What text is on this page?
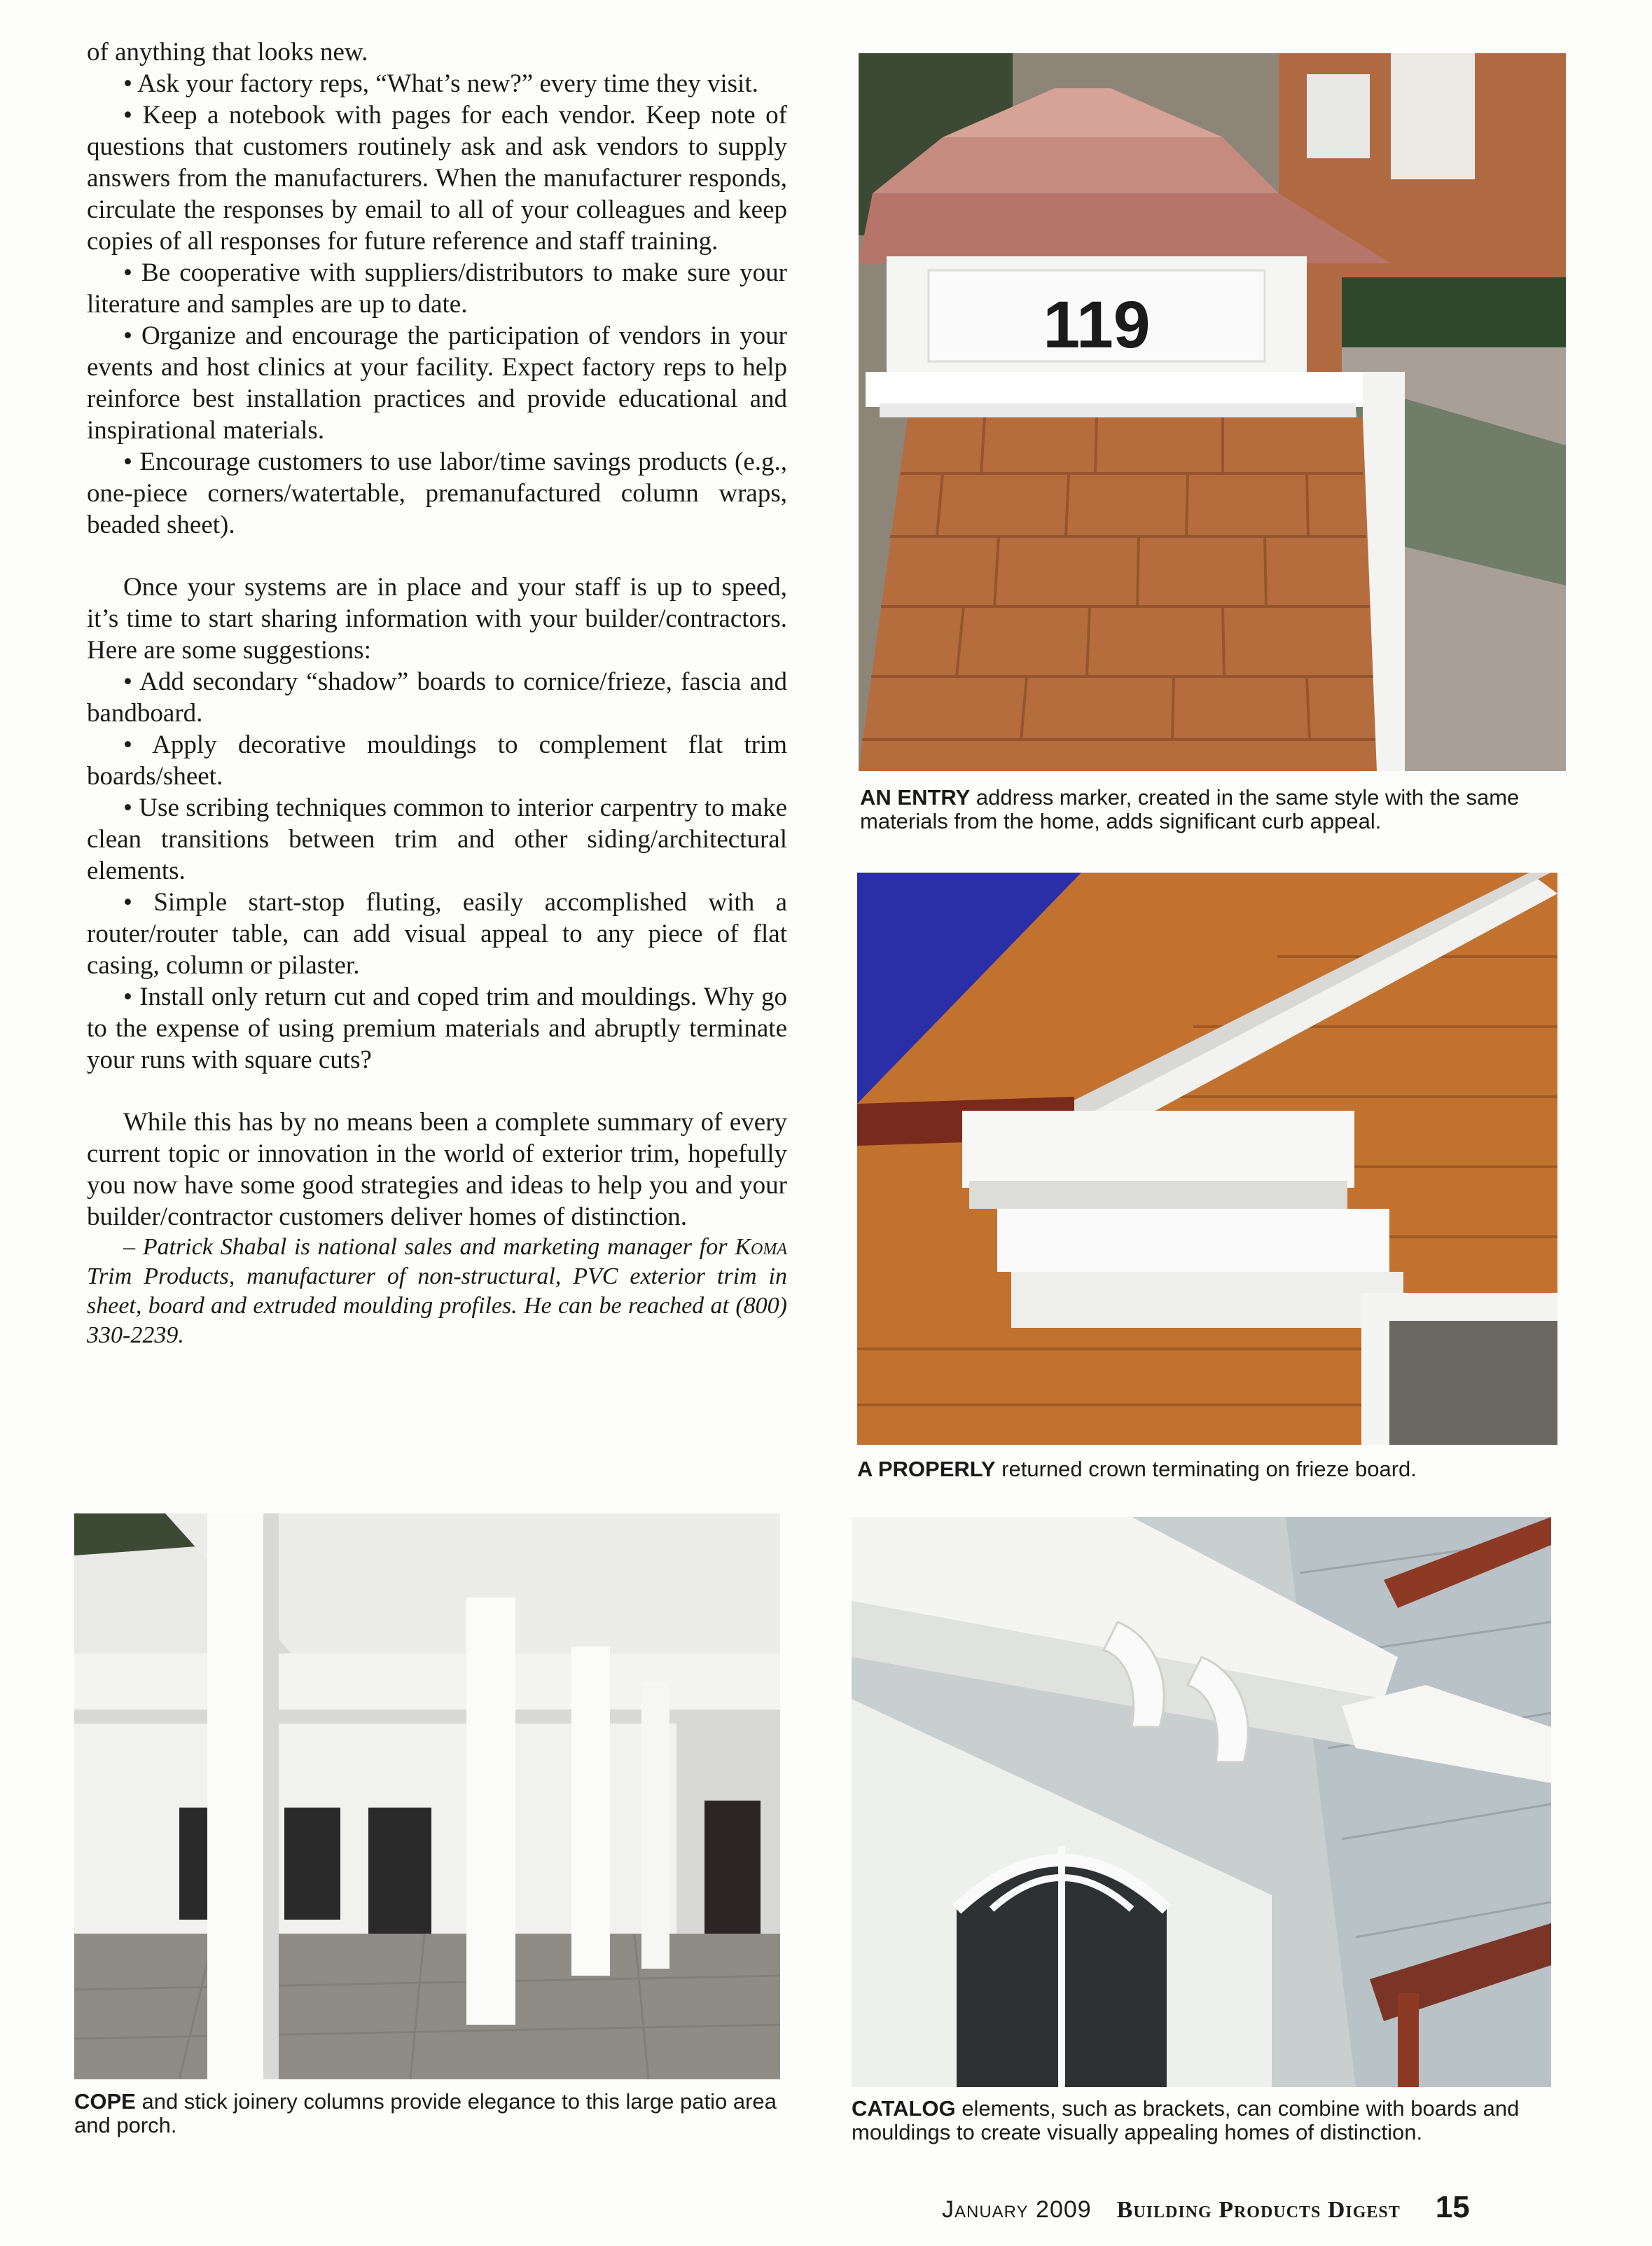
of anything that looks new.

• Ask your factory reps, “What’s new?” every time they visit.

• Keep a notebook with pages for each vendor. Keep note of questions that customers routinely ask and ask vendors to supply answers from the manufacturers. When the manufacturer responds, circulate the responses by email to all of your colleagues and keep copies of all responses for future reference and staff training.

• Be cooperative with suppliers/distributors to make sure your literature and samples are up to date.

• Organize and encourage the participation of vendors in your events and host clinics at your facility. Expect factory reps to help reinforce best installation practices and provide educational and inspirational materials.

• Encourage customers to use labor/time savings products (e.g., one-piece corners/watertable, premanufactured column wraps, beaded sheet).

Once your systems are in place and your staff is up to speed, it’s time to start sharing information with your builder/contractors. Here are some suggestions:

• Add secondary “shadow” boards to cornice/frieze, fascia and bandboard.

• Apply decorative mouldings to complement flat trim boards/sheet.

• Use scribing techniques common to interior carpentry to make clean transitions between trim and other siding/architectural elements.

• Simple start-stop fluting, easily accomplished with a router/router table, can add visual appeal to any piece of flat casing, column or pilaster.

• Install only return cut and coped trim and mouldings. Why go to the expense of using premium materials and abruptly terminate your runs with square cuts?

While this has by no means been a complete summary of every current topic or innovation in the world of exterior trim, hopefully you now have some good strategies and ideas to help you and your builder/contractor customers deliver homes of distinction.

– Patrick Shabal is national sales and marketing manager for Koma Trim Products, manufacturer of non-structural, PVC exterior trim in sheet, board and extruded moulding profiles. He can be reached at (800) 330-2239.

119
AN ENTRY address marker, created in the same style with the same materials from the home, adds significant curb appeal.
A PROPERLY returned crown terminating on frieze board.
COPE and stick joinery columns provide elegance to this large patio area and porch.
CATALOG elements, such as brackets, can combine with boards and mouldings to create visually appealing homes of distinction.
January 2009 Building Products Digest 15
